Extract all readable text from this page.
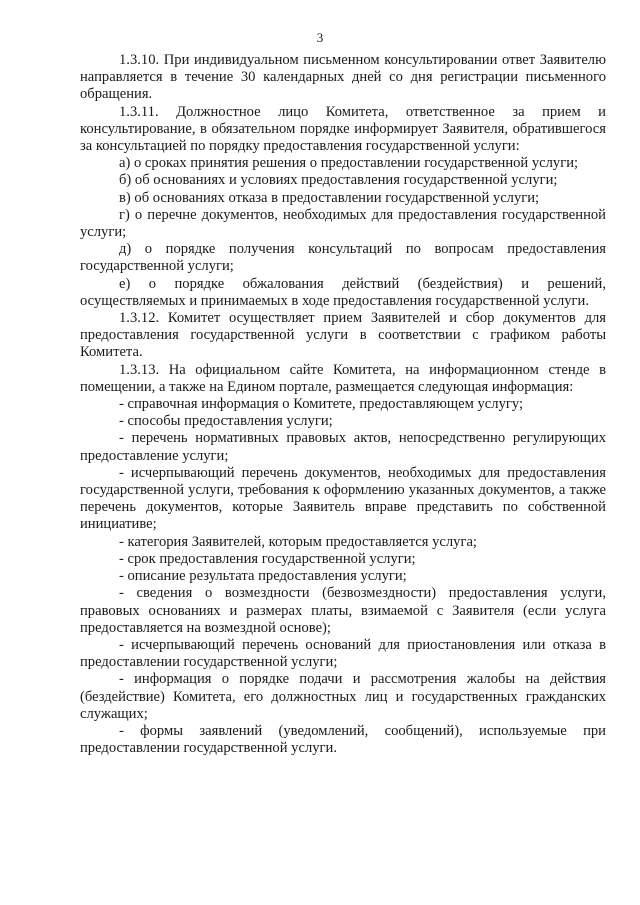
3

1.3.10. При индивидуальном письменном консультировании ответ Заявителю направляется в течение 30 календарных дней со дня регистрации письменного обращения.

1.3.11. Должностное лицо Комитета, ответственное за прием и консультирование, в обязательном порядке информирует Заявителя, обратившегося за консультацией по порядку предоставления государственной услуги:

а) о сроках принятия решения о предоставлении государственной услуги;

б) об основаниях и условиях предоставления государственной услуги;

в) об основаниях отказа в предоставлении государственной услуги;

г) о перечне документов, необходимых для предоставления государственной услуги;

д) о порядке получения консультаций по вопросам предоставления государственной услуги;

е) о порядке обжалования действий (бездействия) и решений, осуществляемых и принимаемых в ходе предоставления государственной услуги.

1.3.12. Комитет осуществляет прием Заявителей и сбор документов для предоставления государственной услуги в соответствии с графиком работы Комитета.

1.3.13. На официальном сайте Комитета, на информационном стенде в помещении, а также на Едином портале, размещается следующая информация:

- справочная информация о Комитете, предоставляющем услугу;

- способы предоставления услуги;

- перечень нормативных правовых актов, непосредственно регулирующих предоставление услуги;

- исчерпывающий перечень документов, необходимых для предоставления государственной услуги, требования к оформлению указанных документов, а также перечень документов, которые Заявитель вправе представить по собственной инициативе;

- категория Заявителей, которым предоставляется услуга;

- срок предоставления государственной услуги;

- описание результата предоставления услуги;

- сведения о возмездности (безвозмездности) предоставления услуги, правовых основаниях и размерах платы, взимаемой с Заявителя (если услуга предоставляется на возмездной основе);

- исчерпывающий перечень оснований для приостановления или отказа в предоставлении государственной услуги;

- информация о порядке подачи и рассмотрения жалобы на действия (бездействие) Комитета, его должностных лиц и государственных гражданских служащих;

- формы заявлений (уведомлений, сообщений), используемые при предоставлении государственной услуги.
